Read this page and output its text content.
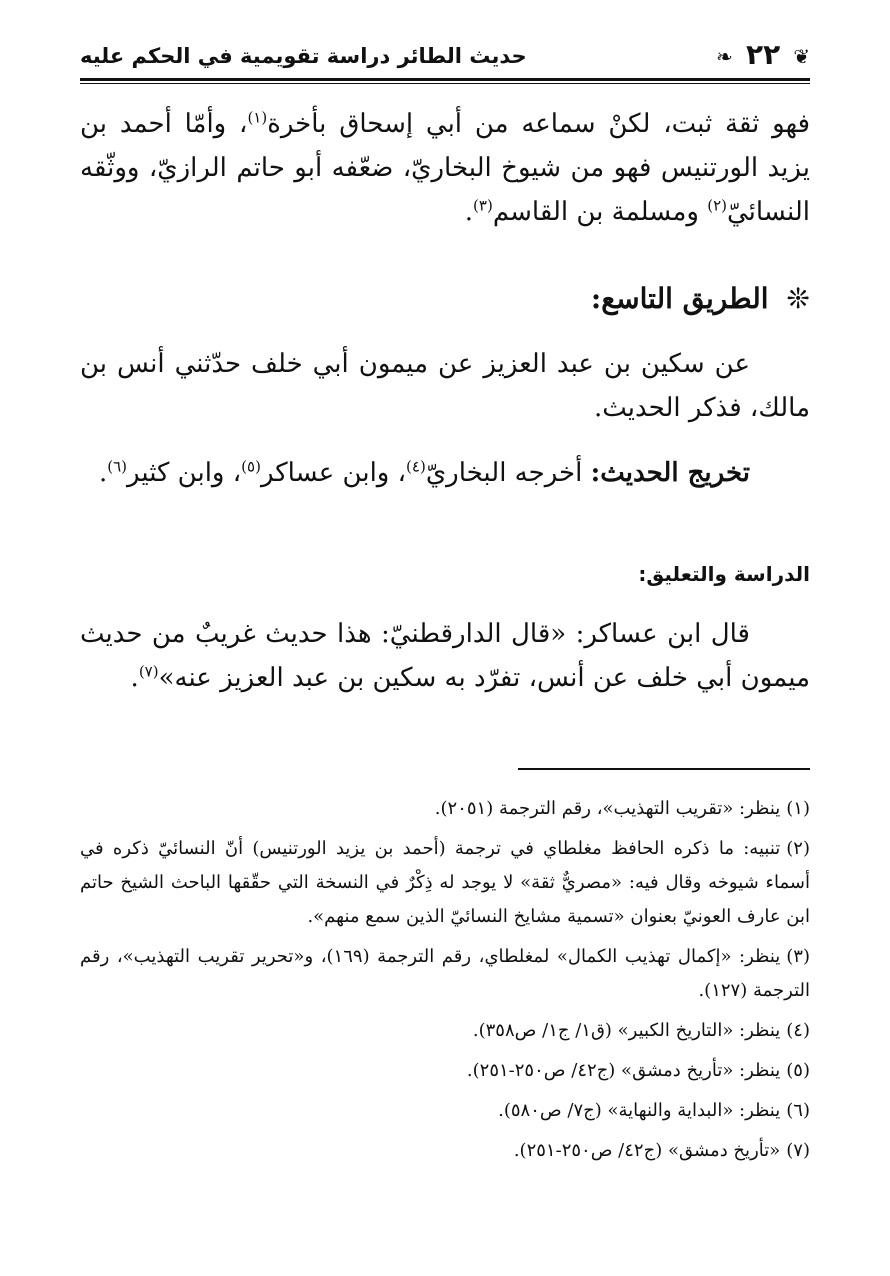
❦ ٢٢ ❧
حديث الطائر دراسة تقويمية في الحكم عليه
فهو ثقة ثبت، لكنْ سماعه من أبي إسحاق بأخرة$^{(١)}$، وأمّا أحمد بن يزيد الورتنيس فهو من شيوخ البخاريّ، ضعّفه أبو حاتم الرازيّ، ووثّقه النسائيّ$^{(٢)}$ ومسلمة بن القاسم$^{(٣)}$.
❊الطريق التاسع:
عن سكين بن عبد العزيز عن ميمون أبي خلف حدّثني أنس بن مالك، فذكر الحديث.
تخريج الحديث: أخرجه البخاريّ$^{(٤)}$، وابن عساكر$^{(٥)}$، وابن كثير$^{(٦)}$.
الدراسة والتعليق:
قال ابن عساكر: «قال الدارقطنيّ: هذا حديث غريبٌ من حديث ميمون أبي خلف عن أنس، تفرّد به سكين بن عبد العزيز عنه»$^{(٧)}$.
(١)ينظر: «تقريب التهذيب»، رقم الترجمة (٢٠٥١).
(٢)تنبيه: ما ذكره الحافظ مغلطاي في ترجمة (أحمد بن يزيد الورتنيس) أنّ النسائيّ ذكره في أسماء شيوخه وقال فيه: «مصريٌّ ثقة» لا يوجد له ذِكْرٌ في النسخة التي حقّقها الباحث الشيخ حاتم ابن عارف العونيّ بعنوان «تسمية مشايخ النسائيّ الذين سمع منهم».
(٣)ينظر: «إكمال تهذيب الكمال» لمغلطاي، رقم الترجمة (١٦٩)، و«تحرير تقريب التهذيب»، رقم الترجمة (١٢٧).
(٤)ينظر: «التاريخ الكبير» (ق١/ ج١/ ص٣٥٨).
(٥)ينظر: «تأريخ دمشق» (ج٤٢/ ص٢٥٠-٢٥١).
(٦)ينظر: «البداية والنهاية» (ج٧/ ص٥٨٠).
(٧)«تأريخ دمشق» (ج٤٢/ ص٢٥٠-٢٥١).
